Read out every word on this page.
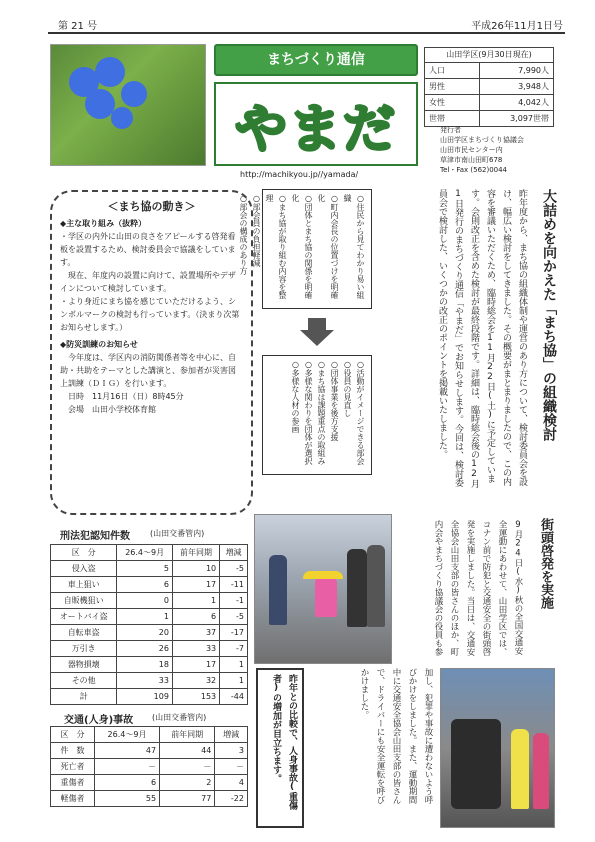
第 21 号	平成26年11月1日号
まちづくり通信
やまだ
http://machikyou.jp//yamada/
山田学区(9月30日現在)
人口	7,990人
男性	3,948人
女性	4,042人
世帯	3,097世帯
発行者
山田学区まちづくり協議会
山田市民センター内
草津市南山田町678
Tel・Fax (562)0044
＜まち協の動き＞
◆主な取り組み（抜粋）

・学区の内外に山田の良さをアピールする啓発看板を設置するため、検討委員会で協議をしています。

　現在、年度内の設置に向けて、設置場所やデザインについて検討しています。

・より身近にまち協を感じていただけるよう、シンボルマークの検討も行っています。（決まり次第お知らせします。）

◆防災訓練のお知らせ

　今年度は、学区内の消防関係者等を中心に、自助・共助をテーマとした講演と、参加者が災害図上訓練（ＤＩＧ）を行います。

　日時　11月16日（日）8時45分

　会場　山田小学校体育館

○住民から見てわかり易い組織
○町内会長の位置づけを明確化
○団体とまち協の関係を明確化
○まち協が取り組む内容を整理
○部会員の負担軽減
○部会の構成のあり方
○活動がイメージできる部会
○役員の見直し
○団体事業を後方支援
○まち協は課題重点の取組み
○多様な関わりを団体が選択
○多様な人材の参画	大詰めを向かえた「まち協」の組織検討
昨年度から、まち協の組織体制や運営のあり方について、検討委員会を設け、幅広い検討をしてきました。その概要がまとまりましたので、この内容を審議いただくため、臨時総会を11月22日(土)に予定しています。会則改正を含めた検討が最終段階です。詳細は、臨時総会後の12月1日発行のまちづくり通信「やまだ」でお知らせします。今回は、検討委員会で検討した、いくつかの改正のポイントを掲載いたしました。
刑法犯認知件数	(山田交番管内)
区　分	26.4～9月	前年同期	増減
侵入盗	5	10	-5
車上狙い	6	17	-11
自販機狙い	0	1	-1
オートバイ盗	1	6	-5
自転車盗	20	37	-17
万引き	26	33	-7
器物損壊	18	17	1
その他	33	32	1
計	109	153	-44
交通(人身)事故 (山田交番管内)
区　分	26.4～9月	前年同期	増減
件　数	47	44	3
死亡者	－	－	－
重傷者	6	2	4
軽傷者	55	77	-22
街頭啓発を実施
9月24日(水)秋の全国交通安全運動にあわせて、山田学区では、コナン前で防犯と交通安全の街頭啓発を実施しました。当日は、交通安全協会山田支部の皆さんのほか、町内会やまちづくり協議会の役員も参
昨年との比較で、人身事故(重傷者)の増加が目立ちます。	加し、犯罪や事故に遭わないよう呼びかけをしました。また、運動期間中に交通安全協会山田支部の皆さんで、ドライバーにも安全運転を呼びかけました。
